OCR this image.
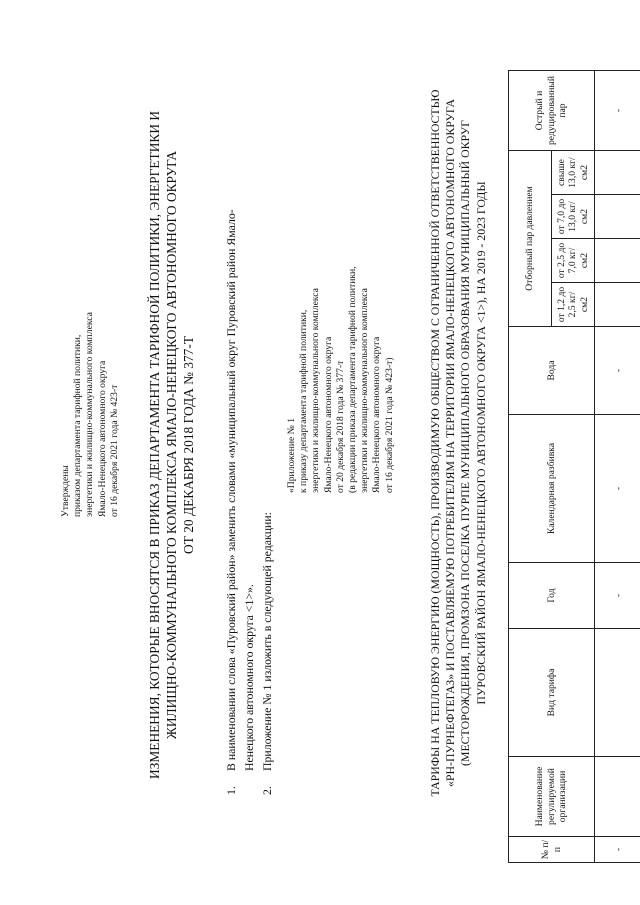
Утверждены приказом департамента тарифной политики, энергетики и жилищно-коммунального комплекса Ямало-Ненецкого автономного округа от 16 декабря 2021 года № 423-т ИЗМЕНЕНИЯ, КОТОРЫЕ ВНОСЯТСЯ В ПРИКАЗ ДЕПАРТАМЕНТА ТАРИФНОЙ ПОЛИТИКИ, ЭНЕРГЕТИКИ И ЖИЛИЩНО-КОММУНАЛЬНОГО КОМПЛЕКСА ЯМАЛО-НЕНЕЦКОГО АВТОНОМНОГО ОКРУГА ОТ 20 ДЕКАБРЯ 2018 ГОДА № 377-Т
1.
В наименовании слова «Пуровский район» заменить словами «муниципальный округ Пуровский район Ямало- Ненецкого автономного округа <1>».
2.
Приложение № 1 изложить в следующей редакции:
«Приложение № 1 к приказу департамента тарифной политики, энергетики и жилищно-коммунального комплекса Ямало-Ненецкого автономного округа от 20 декабря 2018 года № 377-т (в редакции приказа департамента тарифной политики, энергетики и жилищно-коммунального комплекса Ямало-Ненецкого автономного округа от 16 декабря 2021 года № 423-т)	ТАРИФЫ НА ТЕПЛОВУЮ ЭНЕРГИЮ (МОЩНОСТЬ), ПРОИЗВОДИМУЮ ОБЩЕСТВОМ С ОГРАНИЧЕННОЙ ОТВЕТСТВЕННОСТЬЮ «РН-ПУРНЕФТЕГАЗ» И ПОСТАВЛЯЕМУЮ ПОТРЕБИТЕЛЯМ НА ТЕРРИТОРИИ ЯМАЛО-НЕНЕЦКОГО АВТОНОМНОГО ОКРУГА (МЕСТОРОЖДЕНИЯ, ПРОМЗОНА ПОСЕЛКА ПУРПЕ МУНИЦИПАЛЬНОГО ОБРАЗОВАНИЯ МУНИЦИПАЛЬНЫЙ ОКРУГ ПУРОВСКИЙ РАЙОН ЯМАЛО-НЕНЕЦКОГО АВТОНОМНОГО ОКРУГА <1>), НА 2019 - 2023 ГОДЫ
№ п/п	Наименование регулируемой организации	Вид тарифа	Год	Календарная разбивка	Вода	Отборный пар давлением				Острый и редуцированный пар
						от 1,2 до 2,5 кг/см2	от 2,5 до 7,0 кг/см2	от 7,0 до 13,0 кг/см2	свыше 13,0 кг/см2	
-			-	-	-					-
